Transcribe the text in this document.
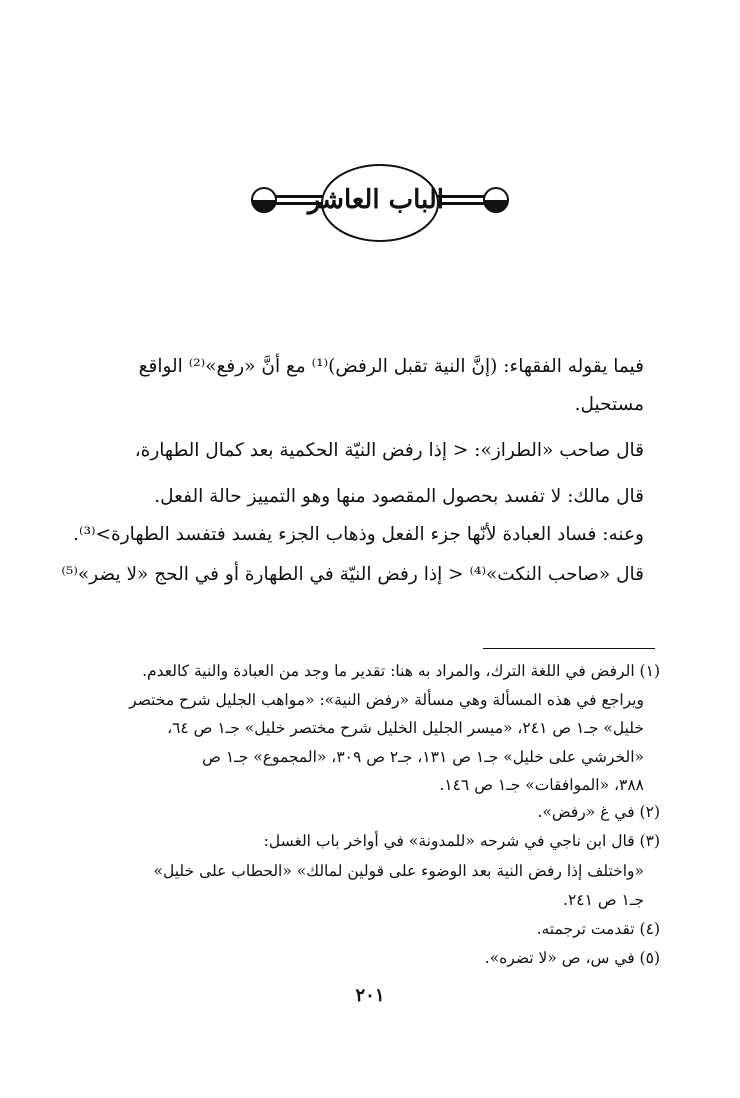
الباب العاشر
فيما يقوله الفقهاء: (إنَّ النية تقبل الرفض)⁽¹⁾ مع أنَّ «رفع»⁽²⁾ الواقع
مستحيل.
قال صاحب «الطراز»: < إذا رفض النيّة الحكمية بعد كمال الطهارة،
قال مالك: لا تفسد بحصول المقصود منها وهو التمييز حالة الفعل.
وعنه: فساد العبادة لأنّها جزء الفعل وذهاب الجزء يفسد فتفسد الطهارة>⁽³⁾.
قال «صاحب النكت»⁽⁴⁾ < إذا رفض النيّة في الطهارة أو في الحج «لا يضر»⁽⁵⁾
(١) الرفض في اللغة الترك، والمراد به هنا: تقدير ما وجد من العبادة والنية كالعدم.
ويراجع في هذه المسألة وهي مسألة «رفض النية»: «مواهب الجليل شرح مختصر
خليل» جـ١ ص ٢٤١، «ميسر الجليل الخليل شرح مختصر خليل» جـ١ ص ٦٤،
«الخرشي على خليل» جـ١ ص ١٣١، جـ٢ ص ٣٠٩، «المجموع» جـ١ ص
٣٨٨، «الموافقات» جـ١ ص ١٤٦.
(٢) في غ «رفض».
(٣) قال ابن ناجي في شرحه «للمدونة» في أواخر باب الغسل:
«واختلف إذا رفض النية بعد الوضوء على قولين لمالك» «الحطاب على خليل»
جـ١ ص ٢٤١.
(٤) تقدمت ترجمته.
(٥) في س، ص «لا تضره».
٢٠١
